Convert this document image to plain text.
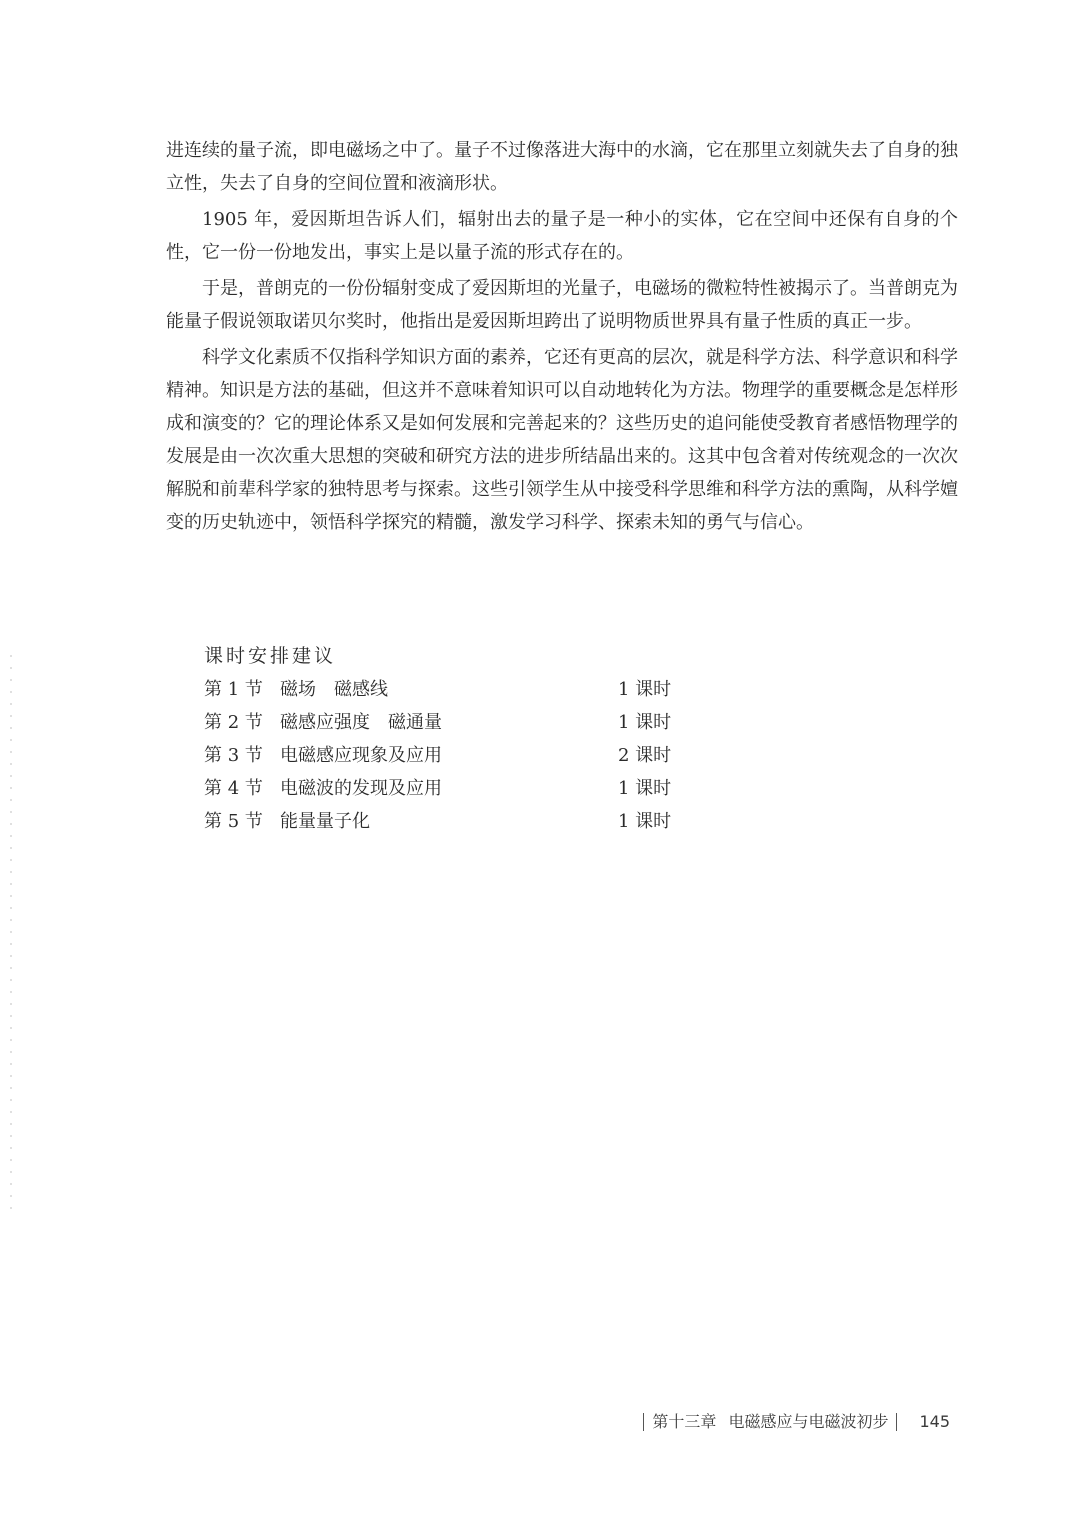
进连续的量子流，即电磁场之中了。量子不过像落进大海中的水滴，它在那里立刻就失去了自身的独立性，失去了自身的空间位置和液滴形状。

1905 年，爱因斯坦告诉人们，辐射出去的量子是一种小的实体，它在空间中还保有自身的个性，它一份一份地发出，事实上是以量子流的形式存在的。

于是，普朗克的一份份辐射变成了爱因斯坦的光量子，电磁场的微粒特性被揭示了。当普朗克为能量子假说领取诺贝尔奖时，他指出是爱因斯坦跨出了说明物质世界具有量子性质的真正一步。

科学文化素质不仅指科学知识方面的素养，它还有更高的层次，就是科学方法、科学意识和科学精神。知识是方法的基础，但这并不意味着知识可以自动地转化为方法。物理学的重要概念是怎样形成和演变的？它的理论体系又是如何发展和完善起来的？这些历史的追问能使受教育者感悟物理学的发展是由一次次重大思想的突破和研究方法的进步所结晶出来的。这其中包含着对传统观念的一次次解脱和前辈科学家的独特思考与探索。这些引领学生从中接受科学思维和科学方法的熏陶，从科学嬗变的历史轨迹中，领悟科学探究的精髓，激发学习科学、探索未知的勇气与信心。

课时安排建议
第 1 节 磁场　磁感线	1 课时
第 2 节 磁感应强度　磁通量	1 课时
第 3 节 电磁感应现象及应用	2 课时
第 4 节 电磁波的发现及应用	1 课时
第 5 节 能量量子化	1 课时
第十三章 电磁感应与电磁波初步 145
